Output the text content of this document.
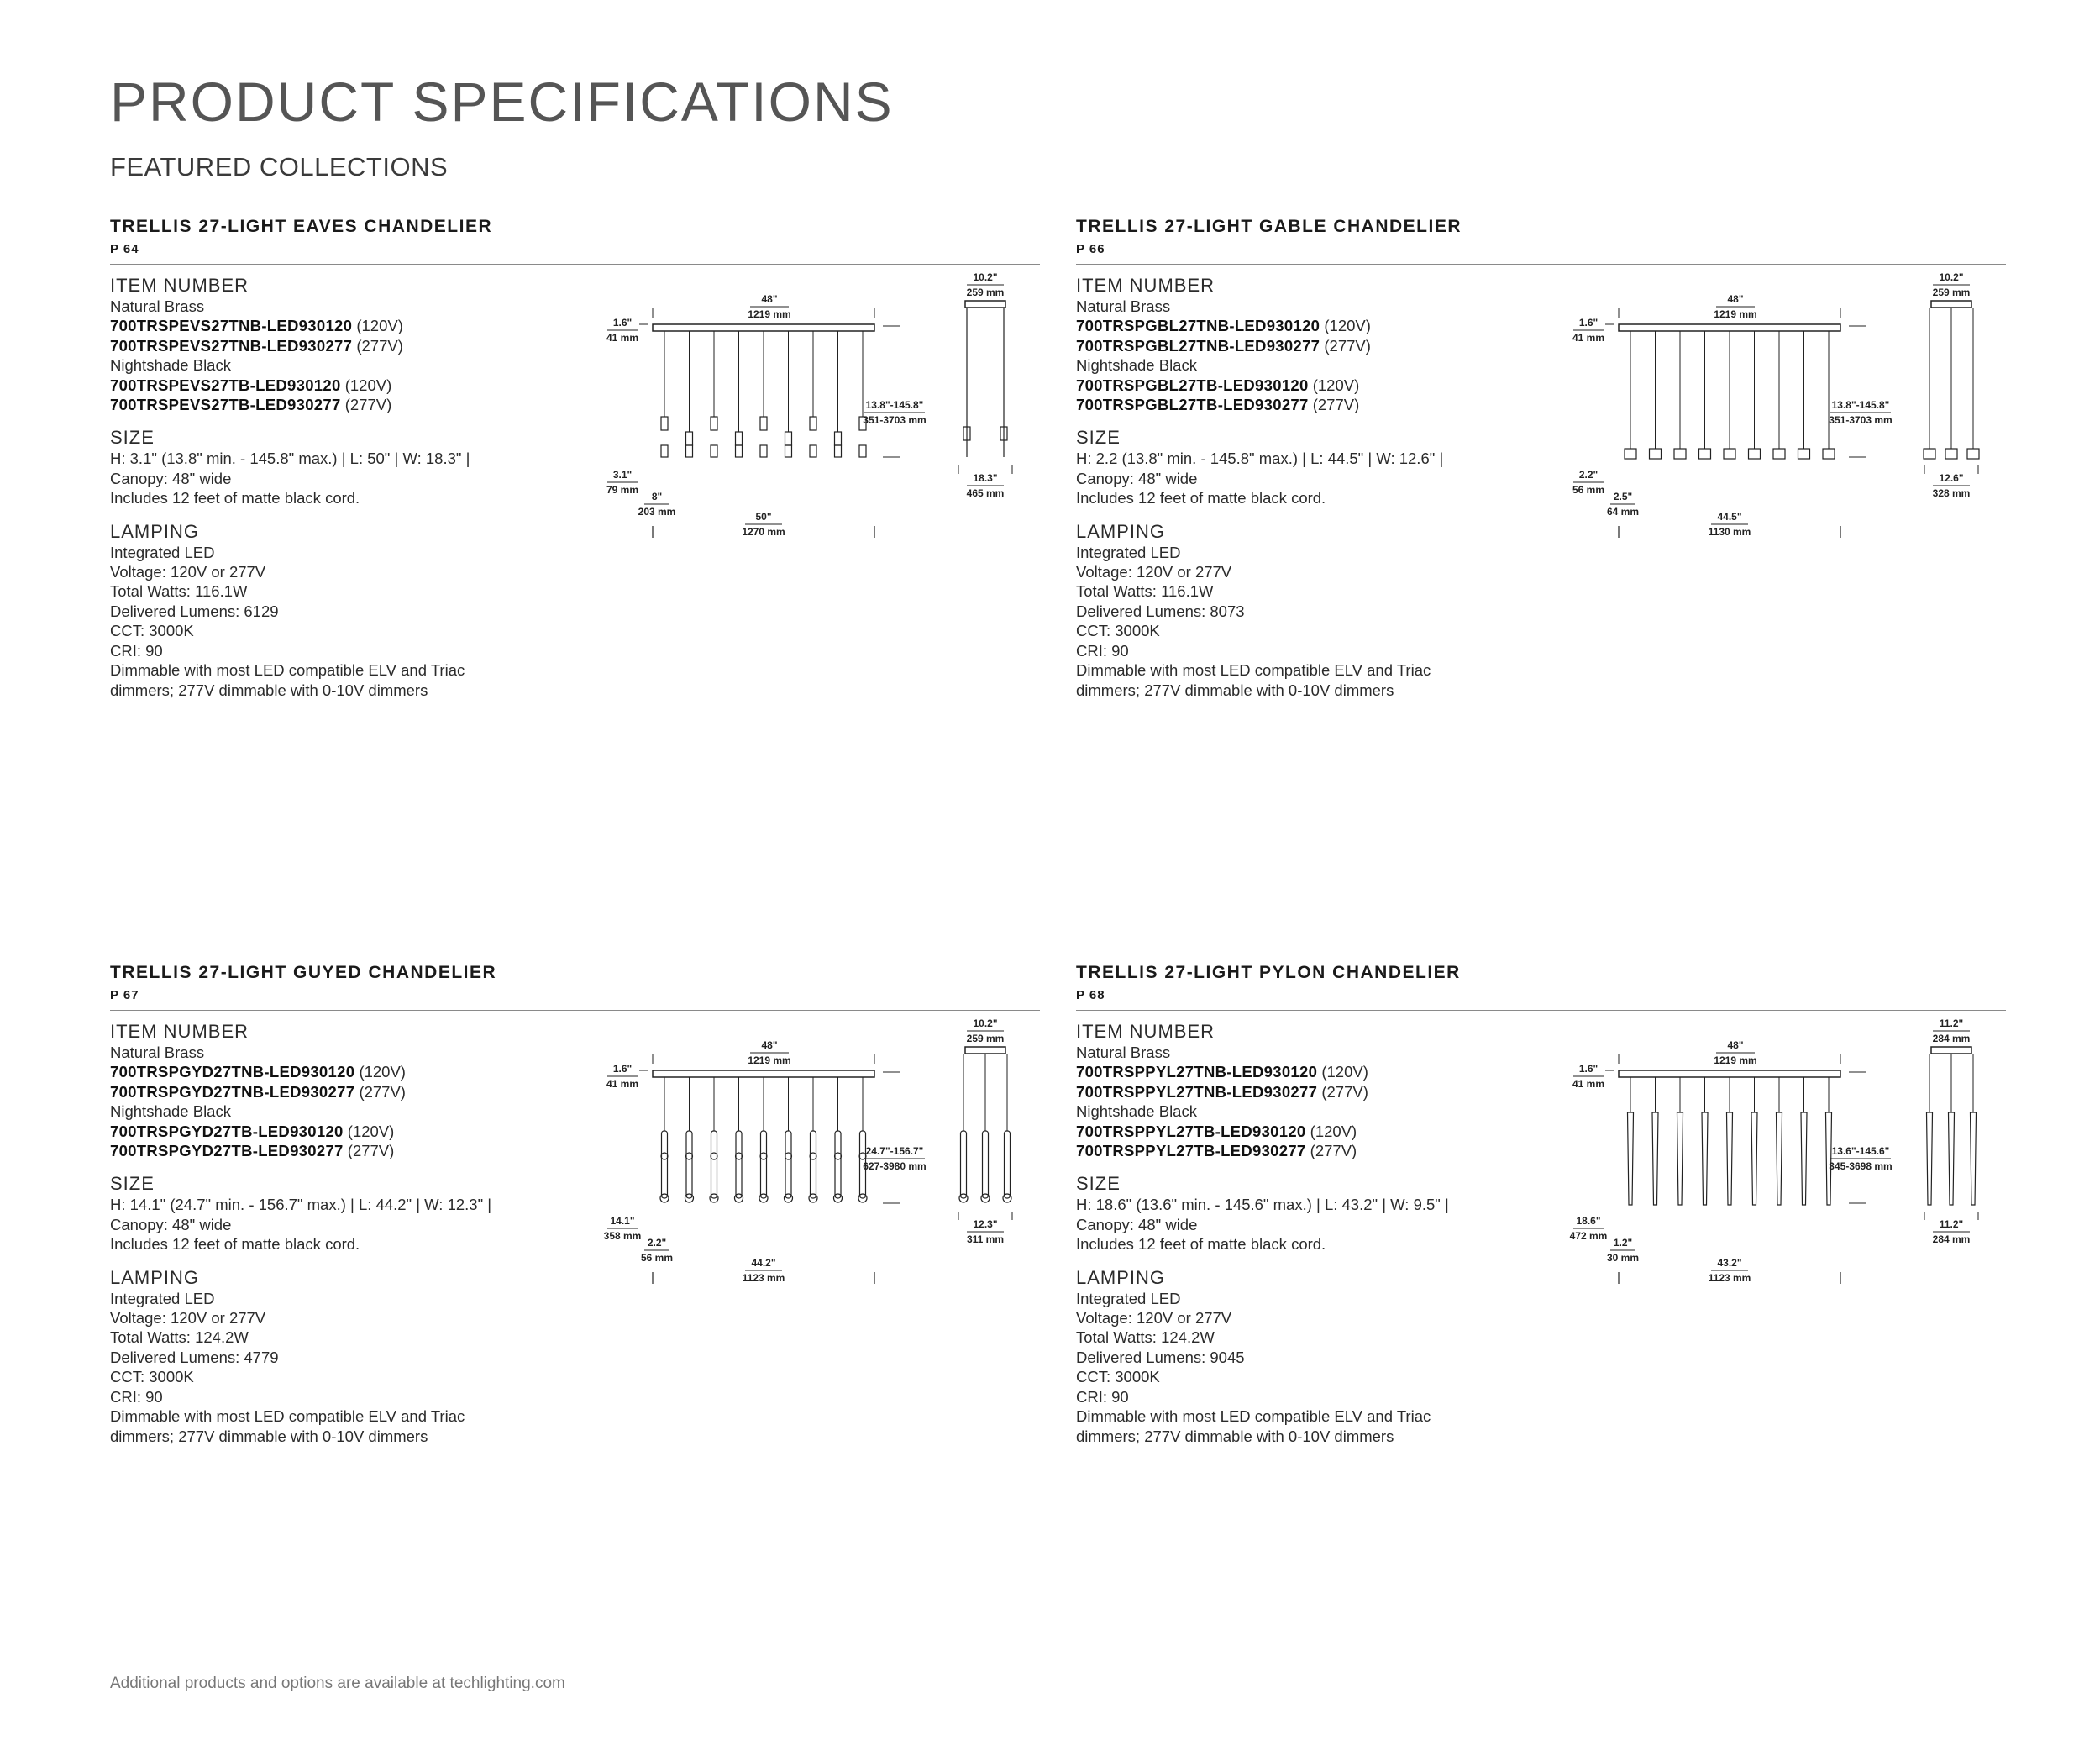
PRODUCT SPECIFICATIONS
FEATURED COLLECTIONS
TRELLIS 27-LIGHT EAVES CHANDELIER
P 64
ITEM NUMBER
Natural Brass
700TRSPEVS27TNB-LED930120 (120V)
700TRSPEVS27TNB-LED930277 (277V)
Nightshade Black
700TRSPEVS27TB-LED930120 (120V)
700TRSPEVS27TB-LED930277 (277V)
SIZE
H: 3.1" (13.8" min. - 145.8" max.) | L: 50" | W: 18.3" |
Canopy: 48" wide
Includes 12 feet of matte black cord.
LAMPING
Integrated LED
Voltage: 120V or 277V
Total Watts: 116.1W
Delivered Lumens: 6129
CCT: 3000K
CRI: 90
Dimmable with most LED compatible ELV and Triac
dimmers; 277V dimmable with 0-10V dimmers
48"
1219 mm
1.6"
41 mm
13.8"-145.8"
351-3703 mm
3.1"
79 mm
8"
203 mm	50"
1270 mm
10.2"
259 mm
18.3"
465 mm
TRELLIS 27-LIGHT GABLE CHANDELIER
P 66
ITEM NUMBER
Natural Brass
700TRSPGBL27TNB-LED930120 (120V)
700TRSPGBL27TNB-LED930277 (277V)
Nightshade Black
700TRSPGBL27TB-LED930120 (120V)
700TRSPGBL27TB-LED930277 (277V)
SIZE
H: 2.2 (13.8" min. - 145.8" max.) | L: 44.5" | W: 12.6" |
Canopy: 48" wide
Includes 12 feet of matte black cord.
LAMPING
Integrated LED
Voltage: 120V or 277V
Total Watts: 116.1W
Delivered Lumens: 8073
CCT: 3000K
CRI: 90
Dimmable with most LED compatible ELV and Triac
dimmers; 277V dimmable with 0-10V dimmers
48"
1219 mm
1.6"
41 mm
13.8"-145.8"
351-3703 mm
2.2"
56 mm
2.5"
64 mm	44.5"
1130 mm
10.2"
259 mm
12.6"
328 mm
TRELLIS 27-LIGHT GUYED CHANDELIER
P 67
ITEM NUMBER
Natural Brass
700TRSPGYD27TNB-LED930120 (120V)
700TRSPGYD27TNB-LED930277 (277V)
Nightshade Black
700TRSPGYD27TB-LED930120 (120V)
700TRSPGYD27TB-LED930277 (277V)
SIZE
H: 14.1" (24.7" min. - 156.7" max.) | L: 44.2" | W: 12.3" |
Canopy: 48" wide
Includes 12 feet of matte black cord.
LAMPING
Integrated LED
Voltage: 120V or 277V
Total Watts: 124.2W
Delivered Lumens: 4779
CCT: 3000K
CRI: 90
Dimmable with most LED compatible ELV and Triac
dimmers; 277V dimmable with 0-10V dimmers
48"
1219 mm
1.6"
41 mm
24.7"-156.7"
627-3980 mm
14.1"
358 mm
2.2"
56 mm	44.2"
1123 mm
10.2"
259 mm
12.3"
311 mm
TRELLIS 27-LIGHT PYLON CHANDELIER
P 68
ITEM NUMBER
Natural Brass
700TRSPPYL27TNB-LED930120 (120V)
700TRSPPYL27TNB-LED930277 (277V)
Nightshade Black
700TRSPPYL27TB-LED930120 (120V)
700TRSPPYL27TB-LED930277 (277V)
SIZE
H: 18.6" (13.6" min. - 145.6" max.) | L: 43.2" | W: 9.5" |
Canopy: 48" wide
Includes 12 feet of matte black cord.
LAMPING
Integrated LED
Voltage: 120V or 277V
Total Watts: 124.2W
Delivered Lumens: 9045
CCT: 3000K
CRI: 90
Dimmable with most LED compatible ELV and Triac
dimmers; 277V dimmable with 0-10V dimmers
48"
1219 mm
1.6"
41 mm
13.6"-145.6"
345-3698 mm
18.6"
472 mm
1.2"
30 mm	43.2"
1123 mm
11.2"
284 mm
11.2"
284 mm
Additional products and options are available at techlighting.com
